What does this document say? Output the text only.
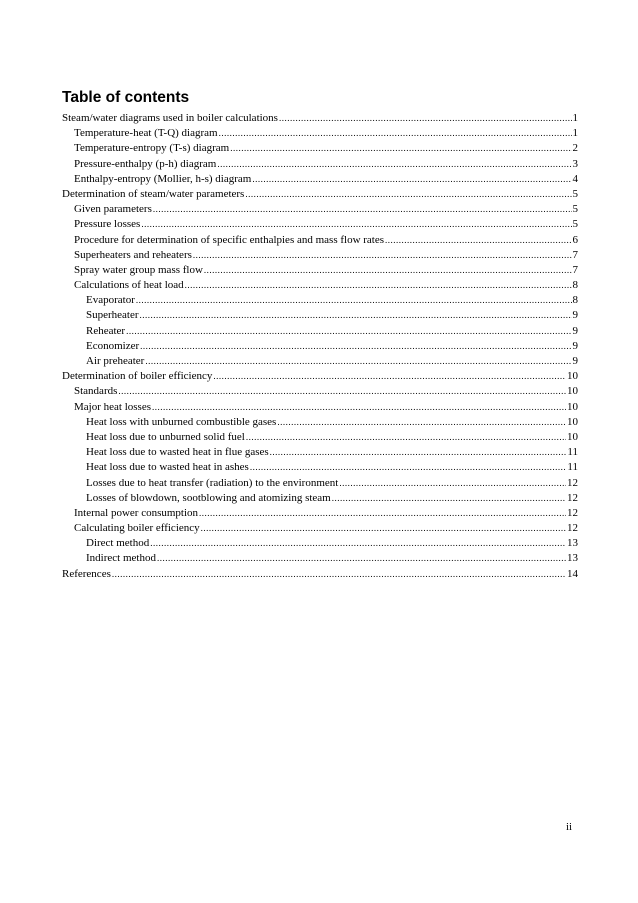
Table of contents
Steam/water diagrams used in boiler calculations .....	1
Temperature-heat (T-Q) diagram .....	1
Temperature-entropy (T-s) diagram .....	2
Pressure-enthalpy (p-h) diagram .....	3
Enthalpy-entropy (Mollier, h-s) diagram .....	4
Determination of steam/water parameters .....	5
Given parameters .....	5
Pressure losses .....	5
Procedure for determination of specific enthalpies and mass flow rates .....	6
Superheaters and reheaters .....	7
Spray water group mass flow .....	7
Calculations of heat load .....	8
Evaporator .....	8
Superheater .....	9
Reheater .....	9
Economizer .....	9
Air preheater .....	9
Determination of boiler efficiency .....	10
Standards .....	10
Major heat losses .....	10
Heat loss with unburned combustible gases .....	10
Heat loss due to unburned solid fuel .....	10
Heat loss due to wasted heat in flue gases .....	11
Heat loss due to wasted heat in ashes .....	11
Losses due to heat transfer (radiation) to the environment .....	12
Losses of blowdown, sootblowing and atomizing steam .....	12
Internal power consumption .....	12
Calculating boiler efficiency .....	12
Direct method .....	13
Indirect method .....	13
References .....	14
ii
